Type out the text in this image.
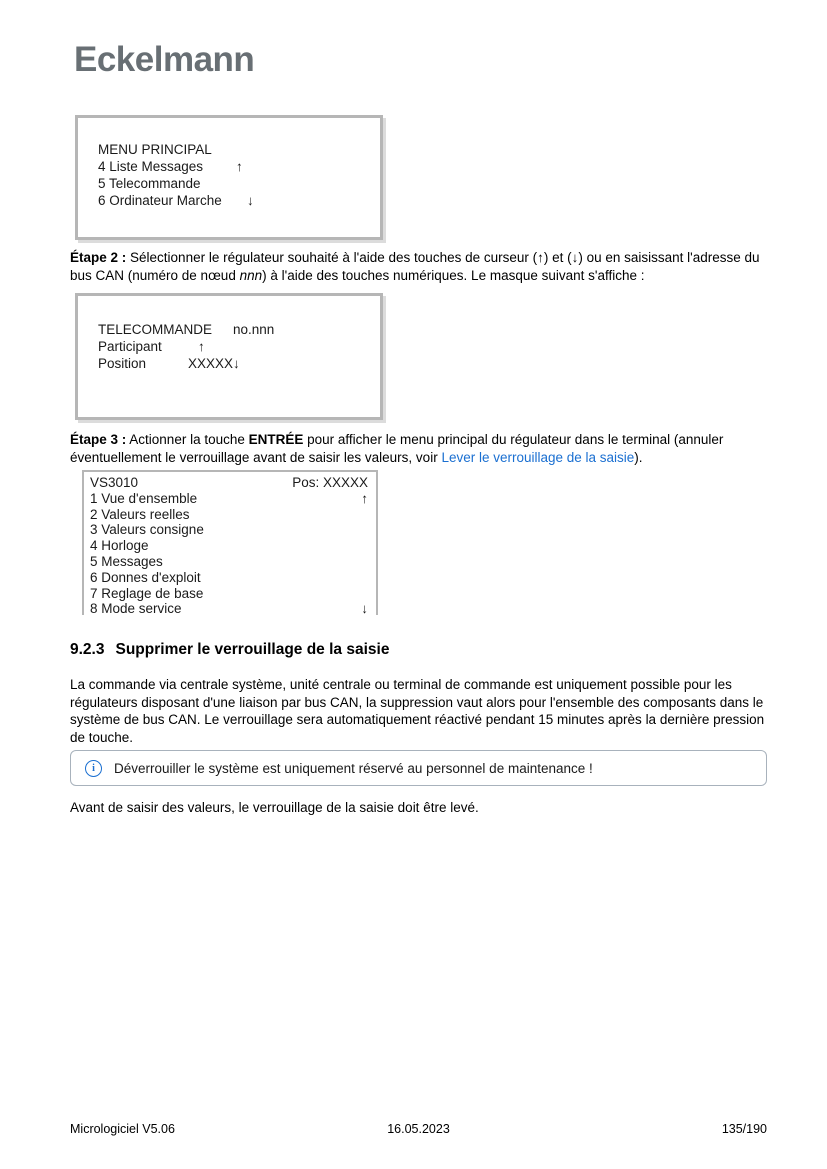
Eckelmann
MENU PRINCIPAL
4 Liste Messages ↑
5 Telecommande
6 Ordinateur Marche ↓
Étape 2 : Sélectionner le régulateur souhaité à l'aide des touches de curseur (↑) et (↓) ou en saisissant l'adresse du bus CAN (numéro de nœud nnn) à l'aide des touches numériques. Le masque suivant s'affiche :
TELECOMMANDE no.nnn
Participant	↑
Position	XXXXX↓
Étape 3 : Actionner la touche ENTRÉE pour afficher le menu principal du régulateur dans le terminal (annuler éventuellement le verrouillage avant de saisir les valeurs, voir Lever le verrouillage de la saisie).
VS3010	Pos: XXXXX
1 Vue d'ensemble	↑
2 Valeurs reelles
3 Valeurs consigne
4 Horloge
5 Messages
6 Donnes d'exploit
7 Reglage de base
8 Mode service	↓
9.2.3 Supprimer le verrouillage de la saisie
La commande via centrale système, unité centrale ou terminal de commande est uniquement possible pour les régulateurs disposant d'une liaison par bus CAN, la suppression vaut alors pour l'ensemble des composants dans le système de bus CAN. Le verrouillage sera automatiquement réactivé pendant 15 minutes après la dernière pression de touche.
i	Déverrouiller le système est uniquement réservé au personnel de maintenance !
Avant de saisir des valeurs, le verrouillage de la saisie doit être levé.
Micrologiciel V5.06	16.05.2023	135/190
